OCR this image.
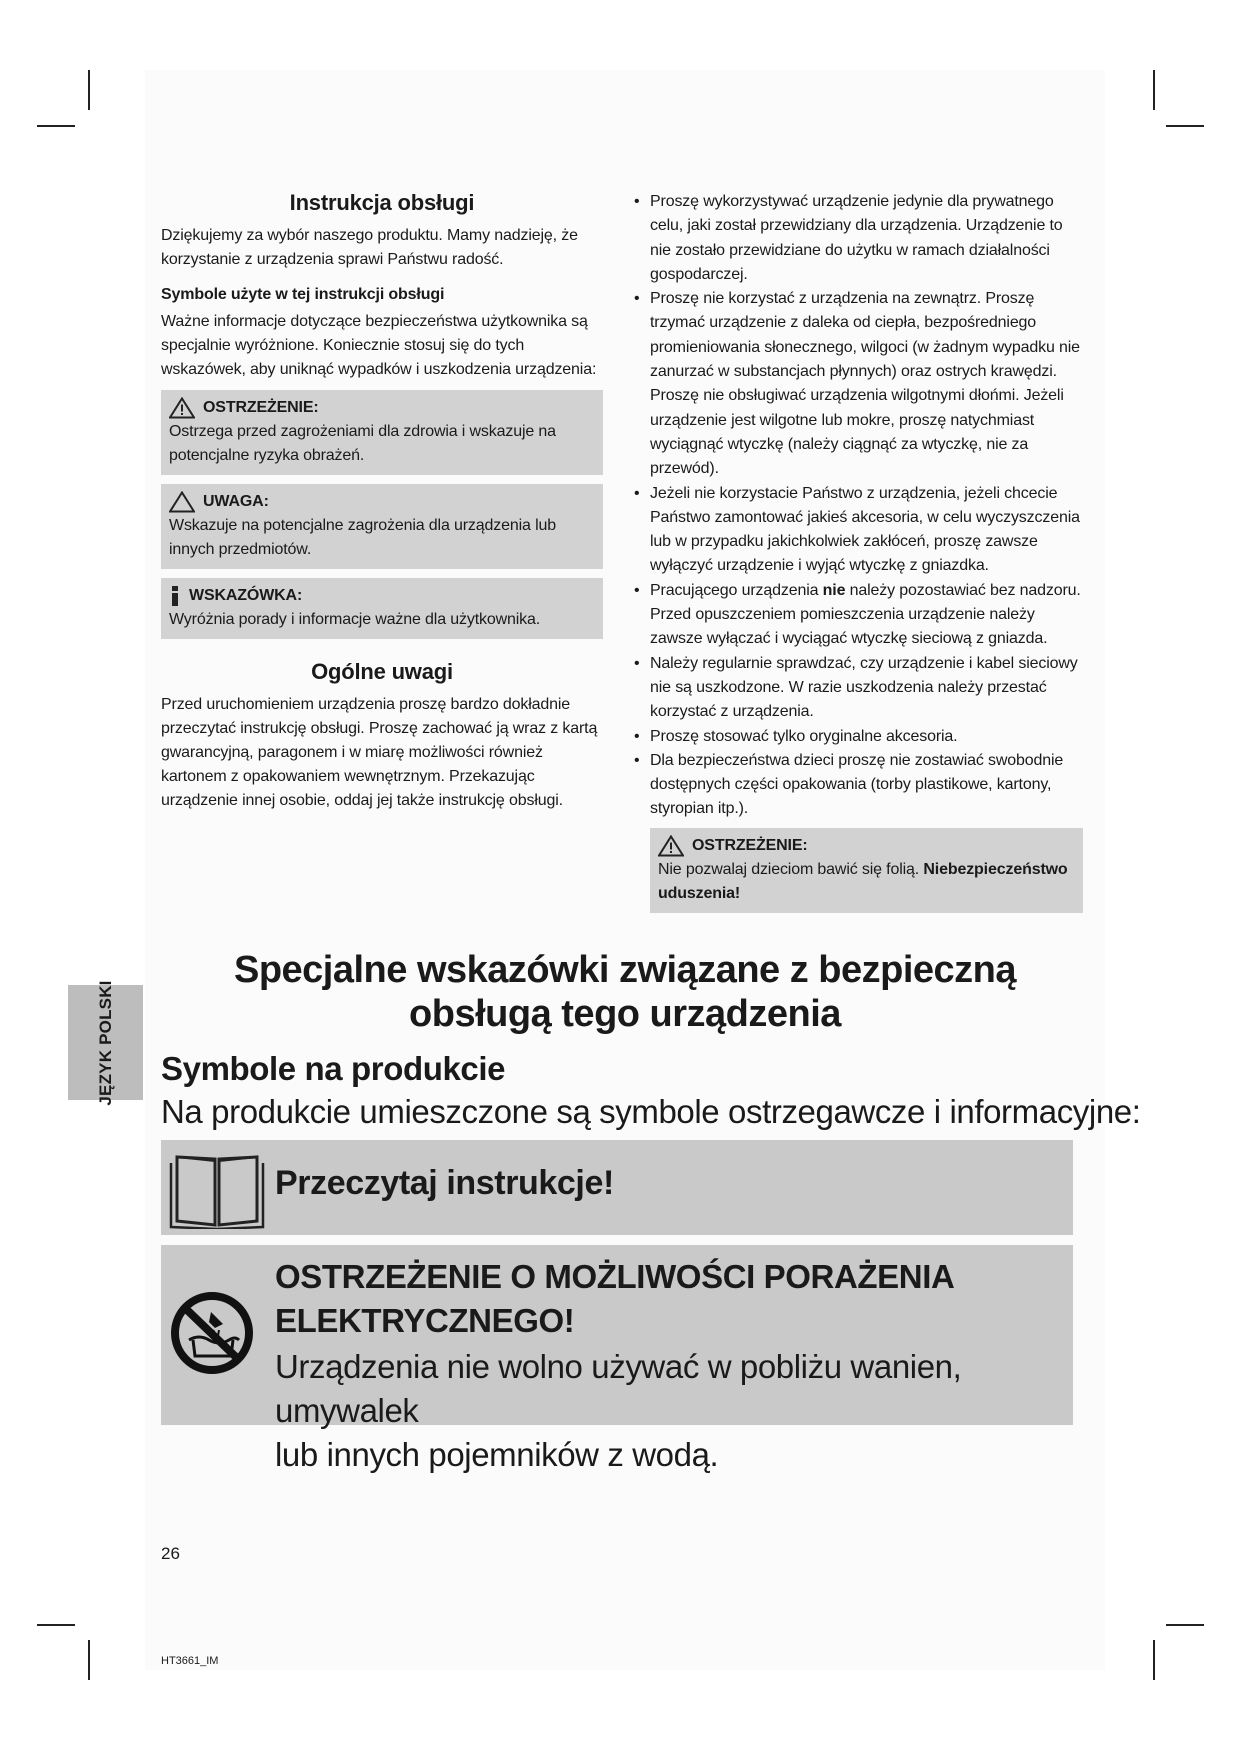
Instrukcja obsługi

Dziękujemy za wybór naszego produktu. Mamy nadzieję, że korzystanie z urządzenia sprawi Państwu radość.

Symbole użyte w tej instrukcji obsługi

Ważne informacje dotyczące bezpieczeństwa użytkownika są specjalnie wyróżnione. Koniecznie stosuj się do tych wskazówek, aby uniknąć wypadków i uszkodzenia urządzenia:

OSTRZEŻENIE:
Ostrzega przed zagrożeniami dla zdrowia i wskazuje na potencjalne ryzyka obrażeń.
UWAGA:
Wskazuje na potencjalne zagrożenia dla urządzenia lub innych przedmiotów.
WSKAZÓWKA:
Wyróżnia porady i informacje ważne dla użytkownika.
Ogólne uwagi

Przed uruchomieniem urządzenia proszę bardzo dokładnie przeczytać instrukcję obsługi. Proszę zachować ją wraz z kartą gwarancyjną, paragonem i w miarę możliwości również kartonem z opakowaniem wewnętrznym. Przekazując urządzenie innej osobie, oddaj jej także instrukcję obsługi.

• Proszę wykorzystywać urządzenie jedynie dla prywatnego celu, jaki został przewidziany dla urządzenia. Urządzenie to nie zostało przewidziane do użytku w ramach działalności gospodarczej.
• Proszę nie korzystać z urządzenia na zewnątrz. Proszę trzymać urządzenie z daleka od ciepła, bezpośredniego promieniowania słonecznego, wilgoci (w żadnym wypadku nie zanurzać w substancjach płynnych) oraz ostrych krawędzi. Proszę nie obsługiwać urządzenia wilgotnymi dłońmi. Jeżeli urządzenie jest wilgotne lub mokre, proszę natychmiast wyciągnąć wtyczkę (należy ciągnąć za wtyczkę, nie za przewód).
• Jeżeli nie korzystacie Państwo z urządzenia, jeżeli chcecie Państwo zamontować jakieś akcesoria, w celu wyczyszczenia lub w przypadku jakichkolwiek zakłóceń, proszę zawsze wyłączyć urządzenie i wyjąć wtyczkę z gniazdka.
• Pracującego urządzenia nie należy pozostawiać bez nadzoru. Przed opuszczeniem pomieszczenia urządzenie należy zawsze wyłączać i wyciągać wtyczkę sieciową z gniazda.
• Należy regularnie sprawdzać, czy urządzenie i kabel sieciowy nie są uszkodzone. W razie uszkodzenia należy przestać korzystać z urządzenia.
• Proszę stosować tylko oryginalne akcesoria.
• Dla bezpieczeństwa dzieci proszę nie zostawiać swobodnie dostępnych części opakowania (torby plastikowe, kartony, styropian itp.).
OSTRZEŻENIE:
Nie pozwalaj dzieciom bawić się folią. Niebezpieczeństwo uduszenia!
JĘZYK POLSKI
Specjalne wskazówki związane z bezpieczną
obsługą tego urządzenia
Symbole na produkcie
Na produkcie umieszczone są symbole ostrzegawcze i informacyjne:
Przeczytaj instrukcje!
OSTRZEŻENIE O MOŻLIWOŚCI PORAŻENIA
ELEKTRYCZNEGO!
Urządzenia nie wolno używać w pobliżu wanien, umywalek
lub innych pojemników z wodą.
26
HT3661_IM
